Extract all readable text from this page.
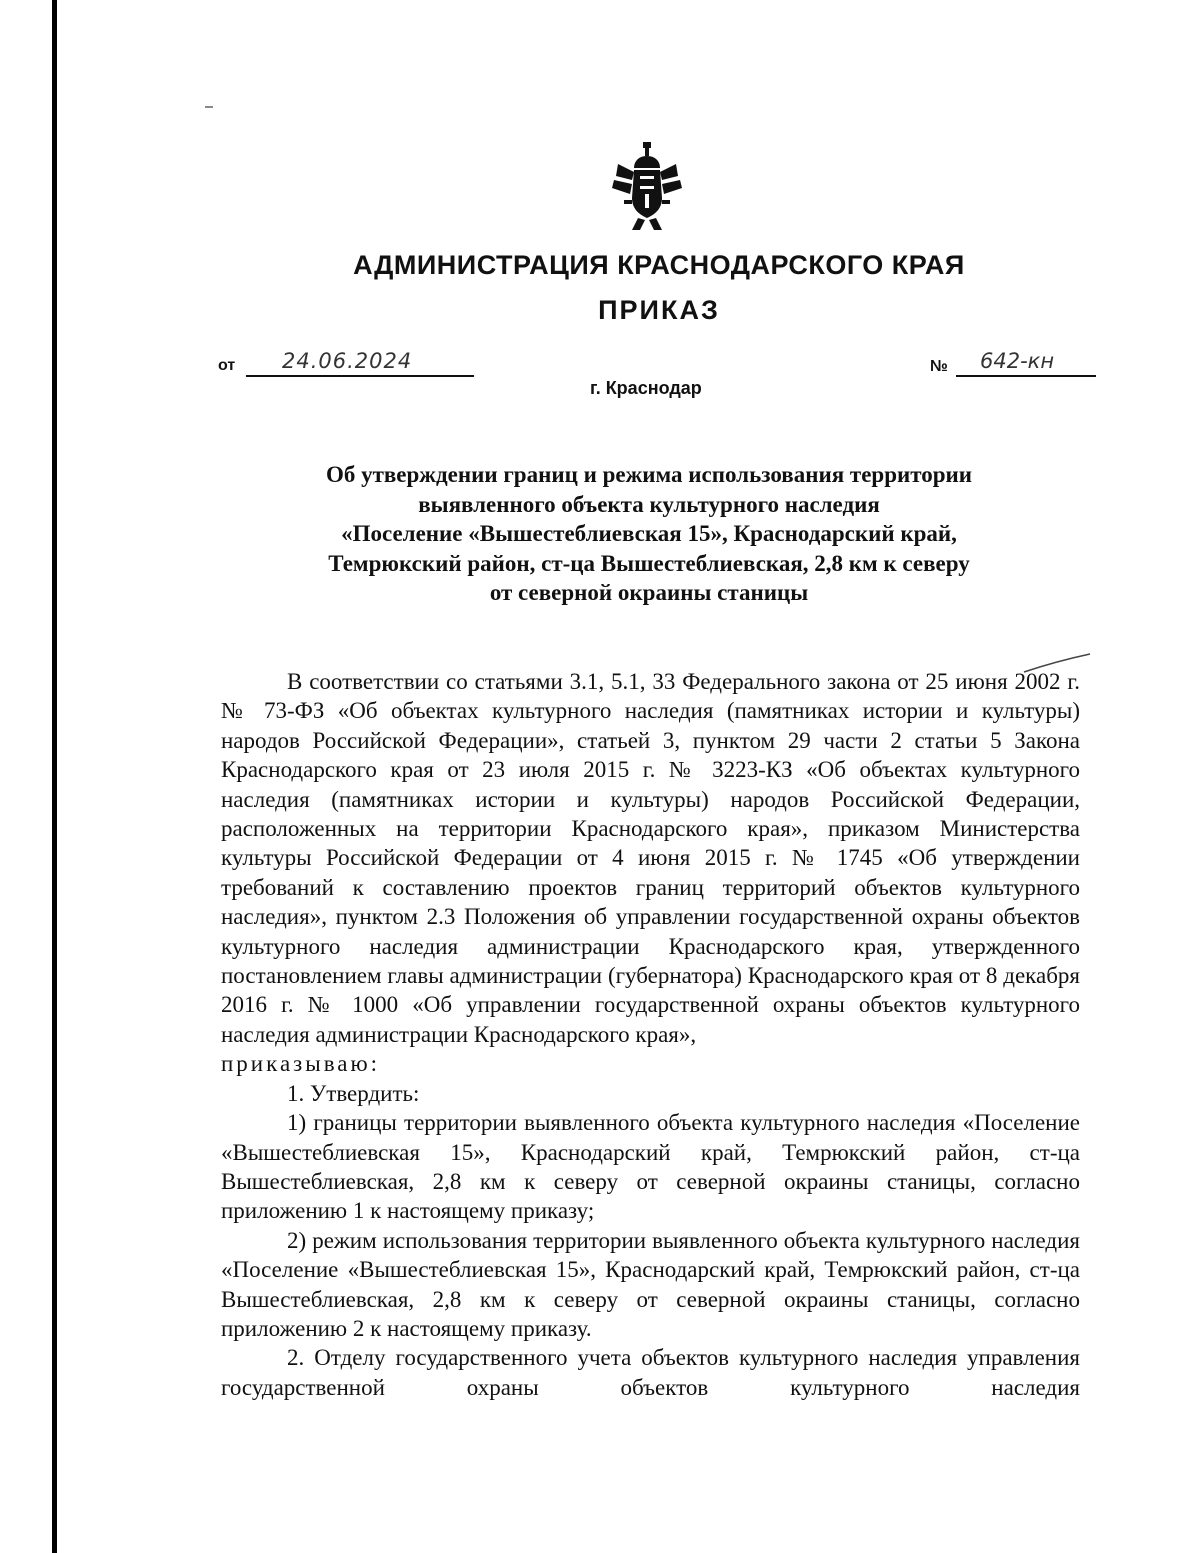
АДМИНИСТРАЦИЯ КРАСНОДАРСКОГО КРАЯ
ПРИКАЗ
от 24.06.2024	№ 642-кн
г. Краснодар
Об утверждении границ и режима использования территории
выявленного объекта культурного наследия
«Поселение «Вышестеблиевская 15», Краснодарский край,
Темрюкский район, ст-ца Вышестеблиевская, 2,8 км к северу
от северной окраины станицы

В соответствии со статьями 3.1, 5.1, 33 Федерального закона от 25 июня 2002 г. № 73-ФЗ «Об объектах культурного наследия (памятниках истории и культуры) народов Российской Федерации», статьей 3, пунктом 29 части 2 статьи 5 Закона Краснодарского края от 23 июля 2015 г. № 3223-КЗ «Об объектах культурного наследия (памятниках истории и культуры) народов Российской Федерации, расположенных на территории Краснодарского края», приказом Министерства культуры Российской Федерации от 4 июня 2015 г. № 1745 «Об утверждении требований к составлению проектов границ территорий объектов культурного наследия», пунктом 2.3 Положения об управлении государственной охраны объектов культурного наследия администрации Краснодарского края, утвержденного постановлением главы администрации (губернатора) Краснодарского края от 8 декабря 2016 г. № 1000 «Об управлении государственной охраны объектов культурного наследия администрации Краснодарского края»,

приказываю:

1. Утвердить:

1) границы территории выявленного объекта культурного наследия «Поселение «Вышестеблиевская 15», Краснодарский край, Темрюкский район, ст-ца Вышестеблиевская, 2,8 км к северу от северной окраины станицы, согласно приложению 1 к настоящему приказу;

2) режим использования территории выявленного объекта культурного наследия «Поселение «Вышестеблиевская 15», Краснодарский край, Темрюкский район, ст-ца Вышестеблиевская, 2,8 км к северу от северной окраины станицы, согласно приложению 2 к настоящему приказу.

2. Отделу государственного учета объектов культурного наследия управления государственной охраны объектов культурного наследия
